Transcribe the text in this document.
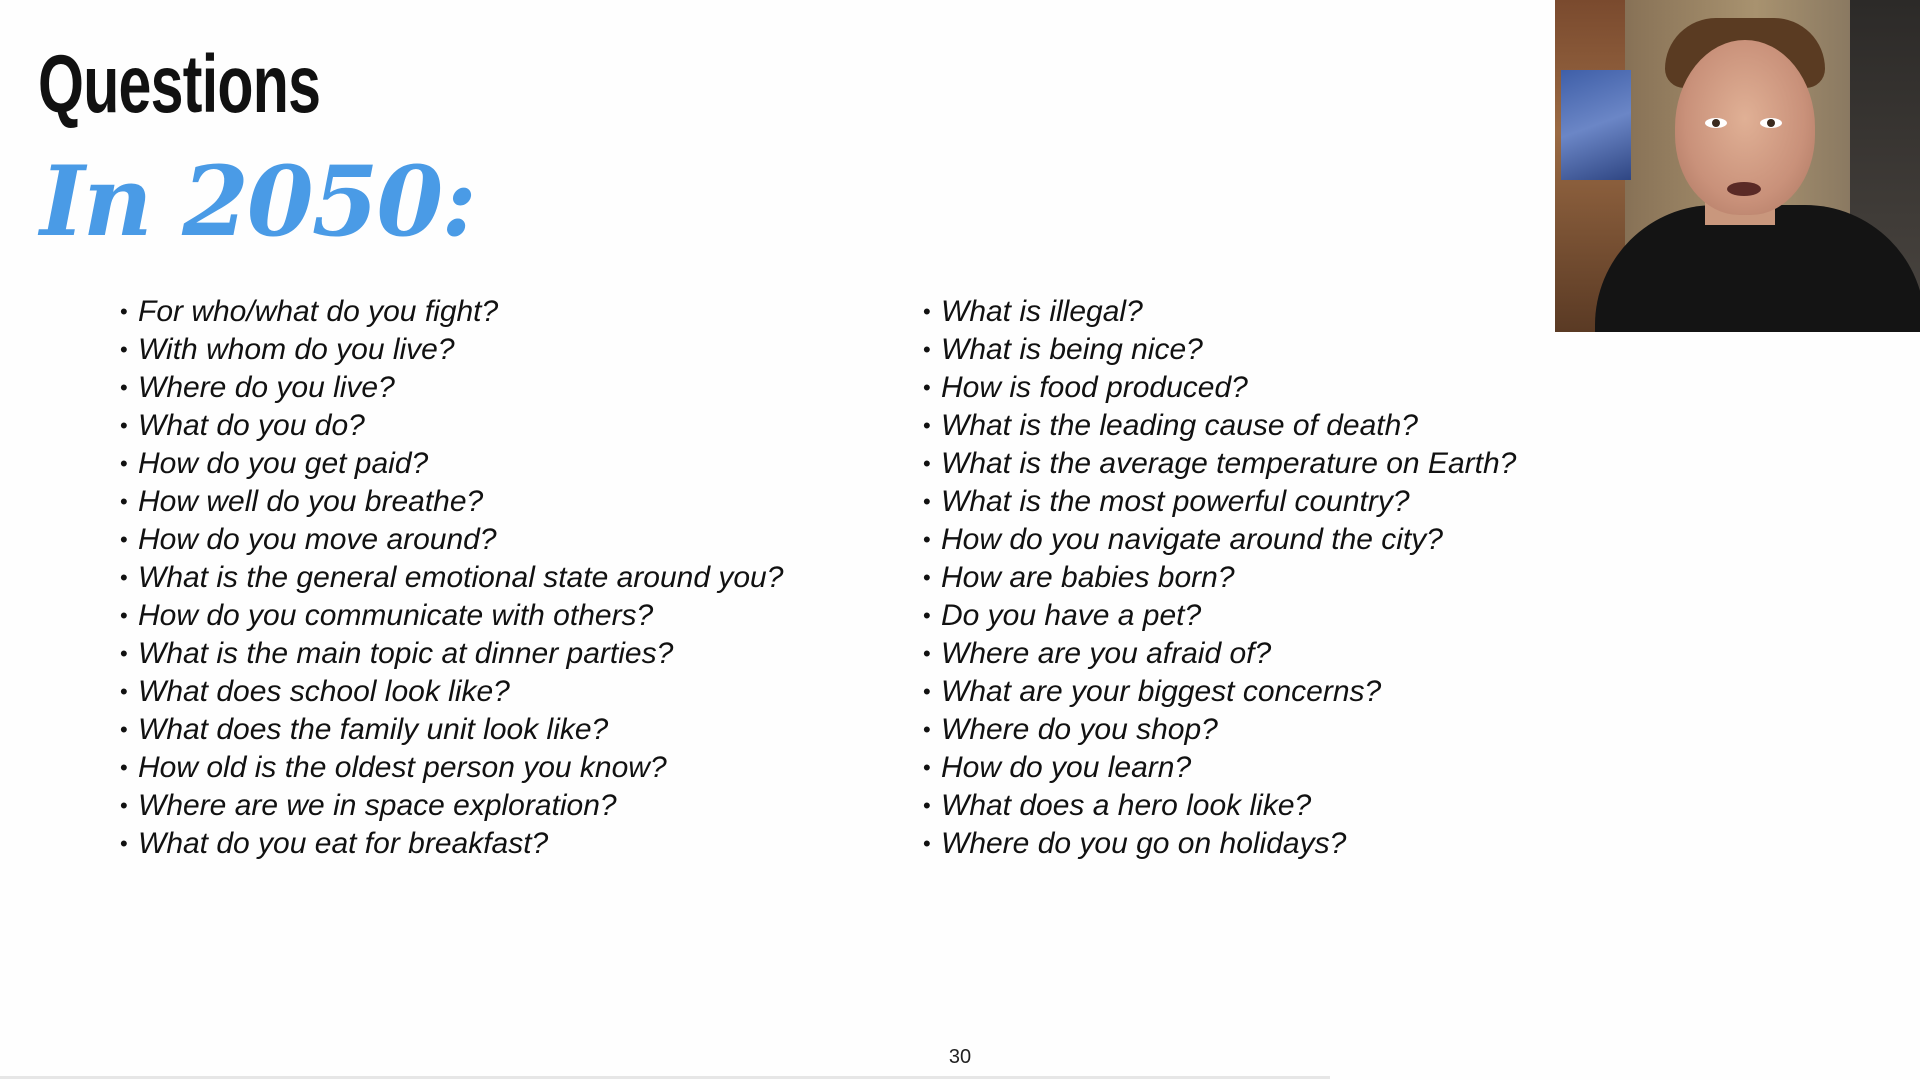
Questions
In 2050:
• For who/what do you fight?
• With whom do you live?
• Where do you live?
• What do you do?
• How do you get paid?
• How well do you breathe?
• How do you move around?
• What is the general emotional state around you?
• How do you communicate with others?
• What is the main topic at dinner parties?
• What does school look like?
• What does the family unit look like?
• How old is the oldest person you know?
• Where are we in space exploration?
• What do you eat for breakfast?
• What is illegal?
• What is being nice?
• How is food produced?
• What is the leading cause of death?
• What is the average temperature on Earth?
• What is the most powerful country?
• How do you navigate around the city?
• How are babies born?
• Do you have a pet?
• Where are you afraid of?
• What are your biggest concerns?
• Where do you shop?
• How do you learn?
• What does a hero look like?
• Where do you go on holidays?
30
